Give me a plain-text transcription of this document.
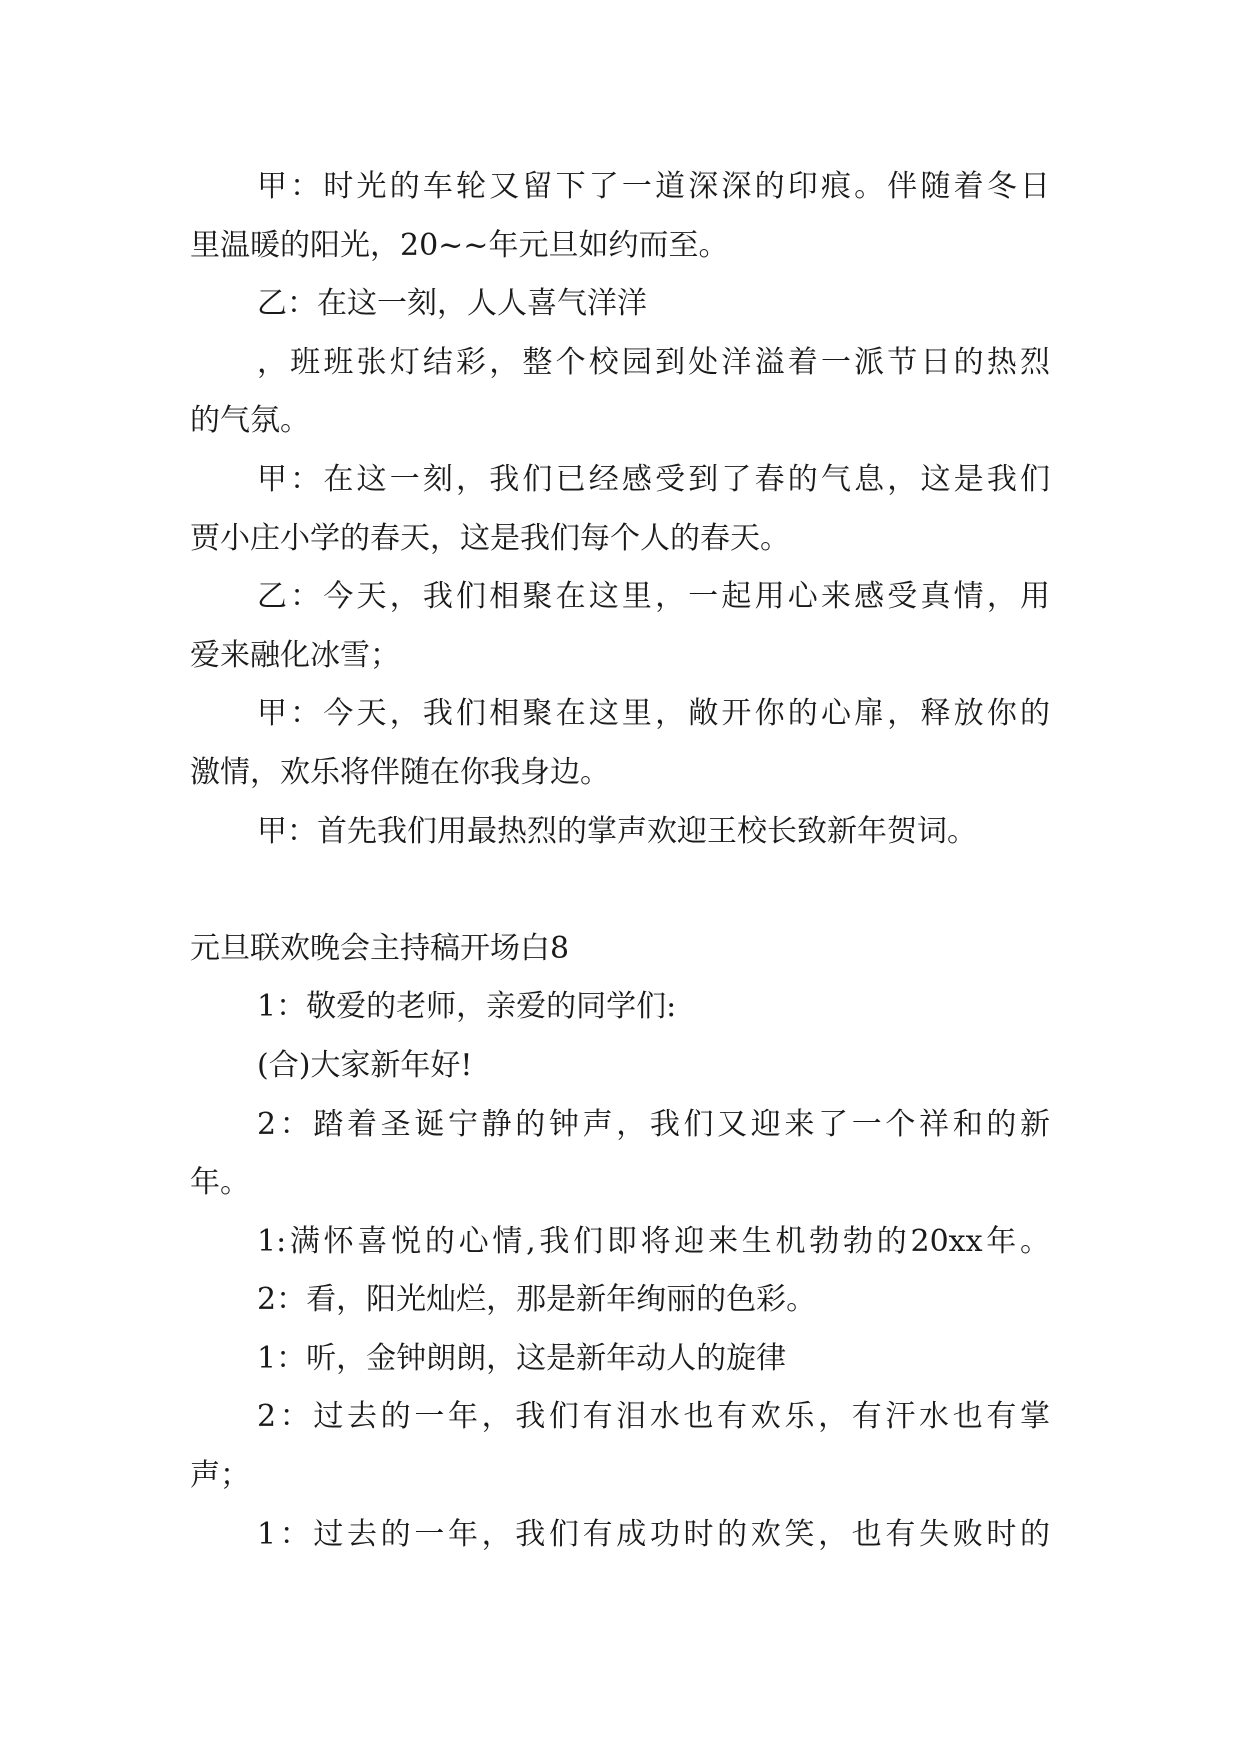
甲：时光的车轮又留下了一道深深的印痕。伴随着冬日
里温暖的阳光，20~~年元旦如约而至。
乙：在这一刻，人人喜气洋洋
，班班张灯结彩，整个校园到处洋溢着一派节日的热烈
的气氛。
甲：在这一刻，我们已经感受到了春的气息，这是我们
贾小庄小学的春天，这是我们每个人的春天。
乙：今天，我们相聚在这里，一起用心来感受真情，用
爱来融化冰雪；
甲：今天，我们相聚在这里，敞开你的心扉，释放你的
激情，欢乐将伴随在你我身边。
甲：首先我们用最热烈的掌声欢迎王校长致新年贺词。
元旦联欢晚会主持稿开场白8
1：敬爱的老师，亲爱的同学们:
(合)大家新年好!
2：踏着圣诞宁静的钟声，我们又迎来了一个祥和的新
年。
1:满怀喜悦的心情,我们即将迎来生机勃勃的20xx年。
2：看，阳光灿烂，那是新年绚丽的色彩。
1：听，金钟朗朗，这是新年动人的旋律
2：过去的一年，我们有泪水也有欢乐，有汗水也有掌
声；
1：过去的一年，我们有成功时的欢笑，也有失败时的
